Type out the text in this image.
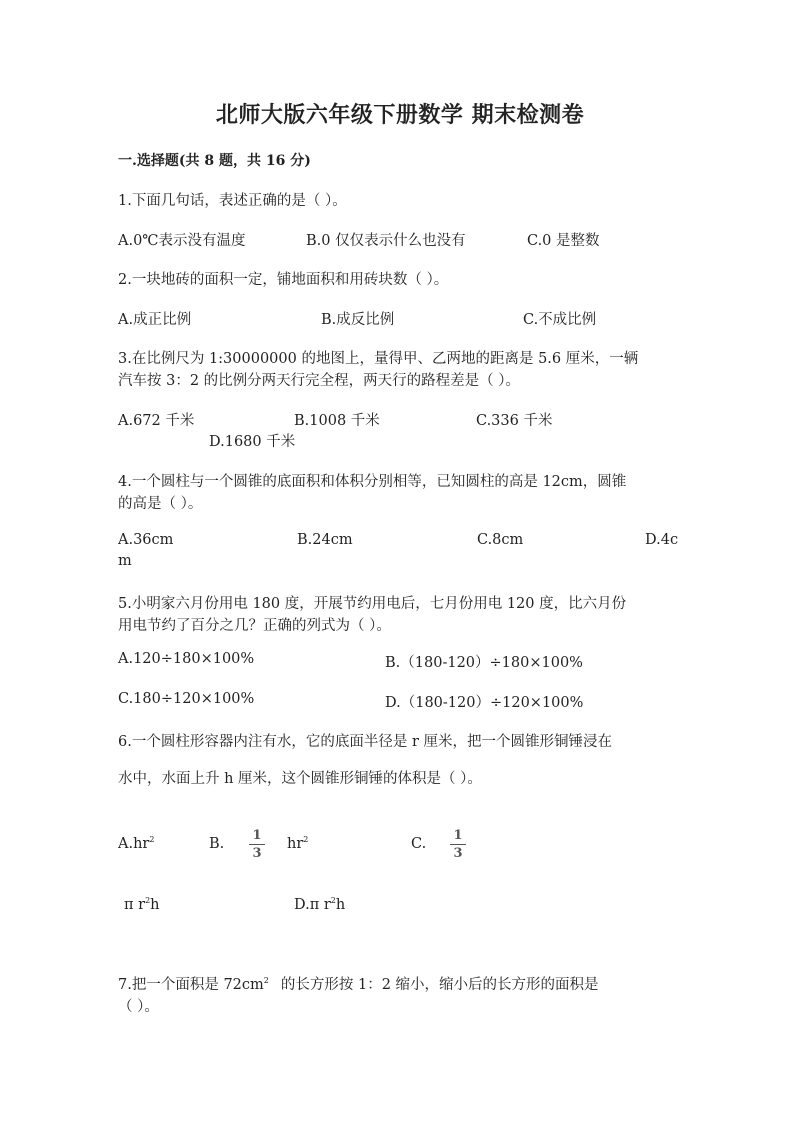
北师大版六年级下册数学 期末检测卷
一.选择题(共 8 题，共 16 分)
1.下面几句话，表述正确的是（ ）。
A.0℃表示没有温度	B.0 仅仅表示什么也没有	C.0 是整数
2.一块地砖的面积一定，铺地面积和用砖块数（ ）。
A.成正比例	B.成反比例	C.不成比例
3.在比例尺为 1:30000000 的地图上，量得甲、乙两地的距离是 5.6 厘米，一辆
汽车按 3：2 的比例分两天行完全程，两天行的路程差是（ ）。
A.672 千米	B.1008 千米	C.336 千米
D.1680 千米
4.一个圆柱与一个圆锥的底面积和体积分别相等，已知圆柱的高是 12cm，圆锥
的高是（ ）。
A.36cm	B.24cm	C.8cm	D.4c
m
5.小明家六月份用电 180 度，开展节约用电后，七月份用电 120 度，比六月份
用电节约了百分之几？正确的列式为（ ）。
A.120÷180×100%	B.（180-120）÷180×100%
C.180÷120×100%	D.（180-120）÷120×100%
6.一个圆柱形容器内注有水，它的底面半径是 r 厘米，把一个圆锥形铜锤浸在
水中，水面上升 h 厘米，这个圆锥形铜锤的体积是（ ）。
$A.hr^2$	B.
1
3
$hr^2$	C.
1
3
π $r^2h$	D.π $r^2h$
7.把一个面积是 $72cm^2$ 的长方形按 1：2 缩小，缩小后的长方形的面积是
（ ）。
